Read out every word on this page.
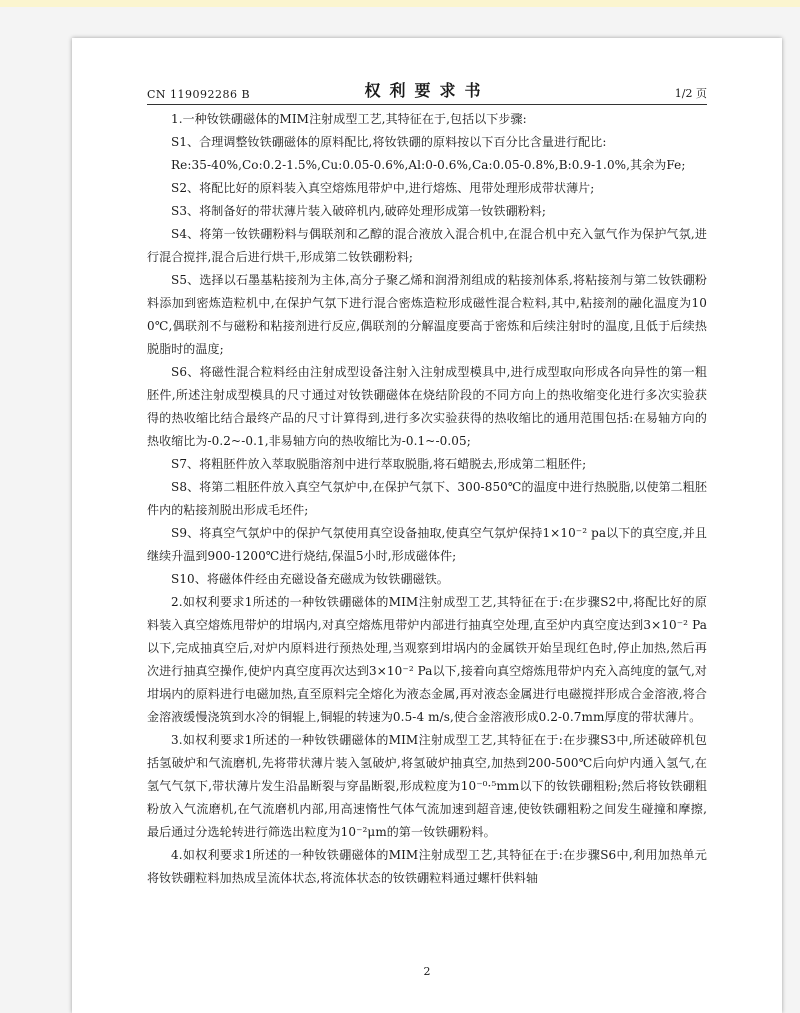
CN 119092286 B	权利要求书	1/2 页

1.一种钕铁硼磁体的MIM注射成型工艺,其特征在于,包括以下步骤:

S1、合理调整钕铁硼磁体的原料配比,将钕铁硼的原料按以下百分比含量进行配比:

Re:35-40%,Co:0.2-1.5%,Cu:0.05-0.6%,Al:0-0.6%,Ca:0.05-0.8%,B:0.9-1.0%,其余为Fe;

S2、将配比好的原料装入真空熔炼甩带炉中,进行熔炼、甩带处理形成带状薄片;

S3、将制备好的带状薄片装入破碎机内,破碎处理形成第一钕铁硼粉料;

S4、将第一钕铁硼粉料与偶联剂和乙醇的混合液放入混合机中,在混合机中充入氩气作为保护气氛,进行混合搅拌,混合后进行烘干,形成第二钕铁硼粉料;

S5、选择以石墨基粘接剂为主体,高分子聚乙烯和润滑剂组成的粘接剂体系,将粘接剂与第二钕铁硼粉料添加到密炼造粒机中,在保护气氛下进行混合密炼造粒形成磁性混合粒料,其中,粘接剂的融化温度为100℃,偶联剂不与磁粉和粘接剂进行反应,偶联剂的分解温度要高于密炼和后续注射时的温度,且低于后续热脱脂时的温度;

S6、将磁性混合粒料经由注射成型设备注射入注射成型模具中,进行成型取向形成各向异性的第一粗胚件,所述注射成型模具的尺寸通过对钕铁硼磁体在烧结阶段的不同方向上的热收缩变化进行多次实验获得的热收缩比结合最终产品的尺寸计算得到,进行多次实验获得的热收缩比的通用范围包括:在易轴方向的热收缩比为-0.2~-0.1,非易轴方向的热收缩比为-0.1~-0.05;

S7、将粗胚件放入萃取脱脂溶剂中进行萃取脱脂,将石蜡脱去,形成第二粗胚件;

S8、将第二粗胚件放入真空气氛炉中,在保护气氛下、300-850℃的温度中进行热脱脂,以使第二粗胚件内的粘接剂脱出形成毛坯件;

S9、将真空气氛炉中的保护气氛使用真空设备抽取,使真空气氛炉保持1×10⁻² pa以下的真空度,并且继续升温到900-1200℃进行烧结,保温5小时,形成磁体件;

S10、将磁体件经由充磁设备充磁成为钕铁硼磁铁。

2.如权利要求1所述的一种钕铁硼磁体的MIM注射成型工艺,其特征在于:在步骤S2中,将配比好的原料装入真空熔炼甩带炉的坩埚内,对真空熔炼甩带炉内部进行抽真空处理,直至炉内真空度达到3×10⁻² Pa以下,完成抽真空后,对炉内原料进行预热处理,当观察到坩埚内的金属铁开始呈现红色时,停止加热,然后再次进行抽真空操作,使炉内真空度再次达到3×10⁻² Pa以下,接着向真空熔炼甩带炉内充入高纯度的氩气,对坩埚内的原料进行电磁加热,直至原料完全熔化为液态金属,再对液态金属进行电磁搅拌形成合金溶液,将合金溶液缓慢浇筑到水冷的铜辊上,铜辊的转速为0.5-4 m/s,使合金溶液形成0.2-0.7mm厚度的带状薄片。

3.如权利要求1所述的一种钕铁硼磁体的MIM注射成型工艺,其特征在于:在步骤S3中,所述破碎机包括氢破炉和气流磨机,先将带状薄片装入氢破炉,将氢破炉抽真空,加热到200-500℃后向炉内通入氢气,在氢气气氛下,带状薄片发生沿晶断裂与穿晶断裂,形成粒度为10⁻⁰·⁵mm以下的钕铁硼粗粉;然后将钕铁硼粗粉放入气流磨机,在气流磨机内部,用高速惰性气体气流加速到超音速,使钕铁硼粗粉之间发生碰撞和摩擦,最后通过分选轮转进行筛选出粒度为10⁻²μm的第一钕铁硼粉料。

4.如权利要求1所述的一种钕铁硼磁体的MIM注射成型工艺,其特征在于:在步骤S6中,利用加热单元将钕铁硼粒料加热成呈流体状态,将流体状态的钕铁硼粒料通过螺杆供料轴

2
